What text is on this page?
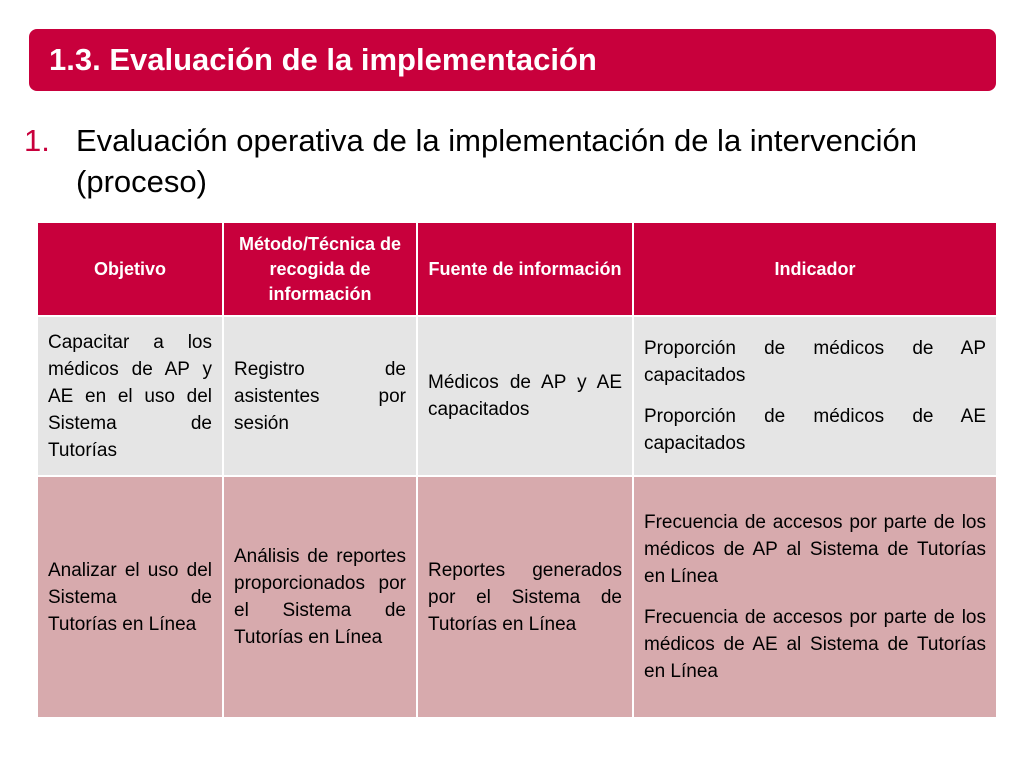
1.3. Evaluación de la implementación
1. Evaluación operativa de la implementación de la intervención (proceso)
Objetivo	Método/Técnica de recogida de información	Fuente de información	Indicador
Capacitar a los médicos de AP y AE en el uso del Sistema de Tutorías	Registro de asistentes por sesión	Médicos de AP y AE capacitados	Proporción de médicos de AP capacitados
Proporción de médicos de AE capacitados

Analizar el uso del Sistema de Tutorías en Línea	Análisis de reportes proporcionados por el Sistema de Tutorías en Línea	Reportes generados por el Sistema de Tutorías en Línea	Frecuencia de accesos por parte de los médicos de AP al Sistema de Tutorías en Línea
Frecuencia de accesos por parte de los médicos de AE al Sistema de Tutorías en Línea
